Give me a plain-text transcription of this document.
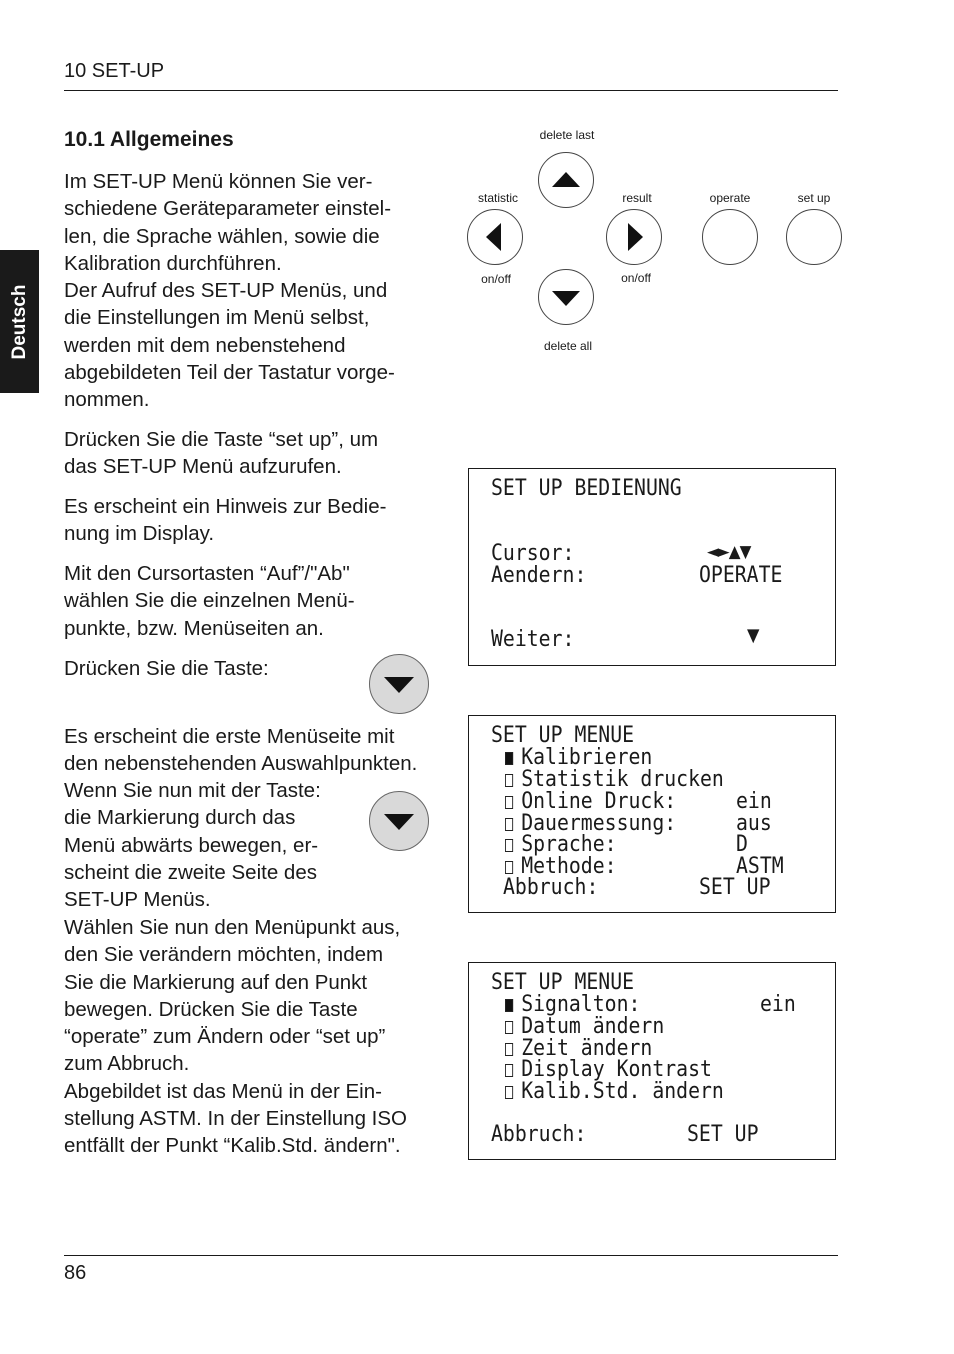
10 SET-UP
Deutsch
10.1 Allgemeines

Im SET-UP Menü können Sie ver-
schiedene Geräteparameter einstel-
len, die Sprache wählen, sowie die
Kalibration durchführen.
Der Aufruf des SET-UP Menüs, und
die Einstellungen im Menü selbst,
werden mit dem nebenstehend
abgebildeten Teil der Tastatur vorge-
nommen.

Drücken Sie die Taste “set up”, um
das SET-UP Menü aufzurufen.

Es erscheint ein Hinweis zur Bedie-
nung im Display.

Mit den Cursortasten “Auf”/"Ab"
wählen Sie die einzelnen Menü-
punkte, bzw. Menüseiten an.

Drücken Sie die Taste:

Es erscheint die erste Menüseite mit
den nebenstehenden Auswahlpunkten.

Wenn Sie nun mit der Taste:
die Markierung durch das
Menü abwärts bewegen, er-
scheint die zweite Seite des
SET-UP Menüs.

Wählen Sie nun den Menüpunkt aus,
den Sie verändern möchten, indem
Sie die Markierung auf den Punkt
bewegen. Drücken Sie die Taste
“operate” zum Ändern oder “set up”
zum Abbruch.
Abgebildet ist das Menü in der Ein-
stellung ASTM. In der Einstellung ISO
entfällt der Punkt “Kalib.Std. ändern".

delete last
statistic
on/off
result
on/off
delete all
operate	set up
SET UP BEDIENUNG
Cursor:	◄►▲▼
Aendern:	OPERATE
Weiter:	▼
SET UP MENUE
Kalibrieren
Statistik drucken
Online Druck:	ein
Dauermessung:	aus
Sprache:	D
Methode:	ASTM
Abbruch:	SET UP
SET UP MENUE
Signalton:	ein
Datum ändern
Zeit ändern
Display Kontrast
Kalib.Std. ändern
Abbruch:	SET UP
86
